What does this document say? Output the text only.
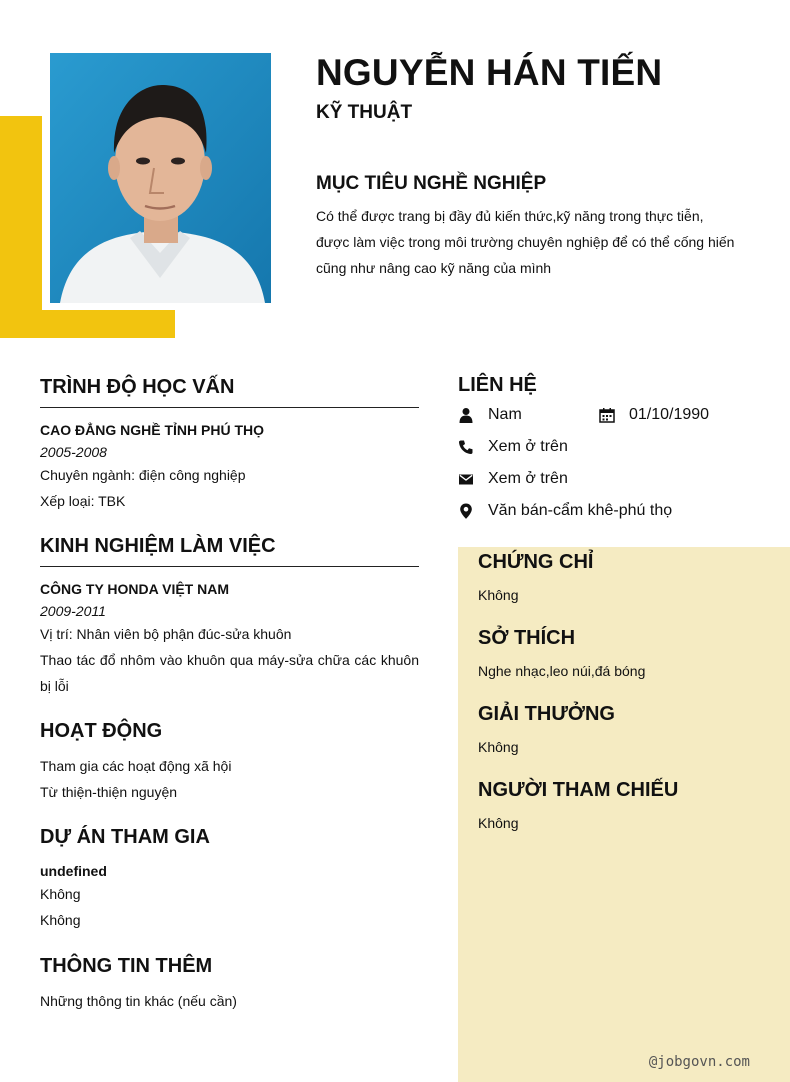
NGUYỄN HÁN TIẾN
KỸ THUẬT
MỤC TIÊU NGHỀ NGHIỆP
Có thể được trang bị đầy đủ kiến thức,kỹ năng trong thực tiễn, được làm việc trong môi trường chuyên nghiệp để có thể cống hiến cũng như nâng cao kỹ năng của mình
TRÌNH ĐỘ HỌC VẤN
CAO ĐẲNG NGHỀ TỈNH PHÚ THỌ
2005-2008
Chuyên ngành: điện công nghiệp
Xếp loại: TBK
KINH NGHIỆM LÀM VIỆC
CÔNG TY HONDA VIỆT NAM
2009-2011
Vị trí: Nhân viên bộ phận đúc-sửa khuôn
Thao tác đổ nhôm vào khuôn qua máy-sửa chữa các khuôn bị lỗi
HOẠT ĐỘNG
Tham gia các hoạt động xã hội
Từ thiện-thiện nguyện
DỰ ÁN THAM GIA
undefined
Không
Không
THÔNG TIN THÊM
Những thông tin khác (nếu cần)
LIÊN HỆ
Nam	01/10/1990
Xem ở trên
Xem ở trên
Văn bán-cẩm khê-phú thọ
CHỨNG CHỈ
Không
SỞ THÍCH
Nghe nhạc,leo núi,đá bóng
GIẢI THƯỞNG
Không
NGƯỜI THAM CHIẾU
Không
@jobgovn.com
